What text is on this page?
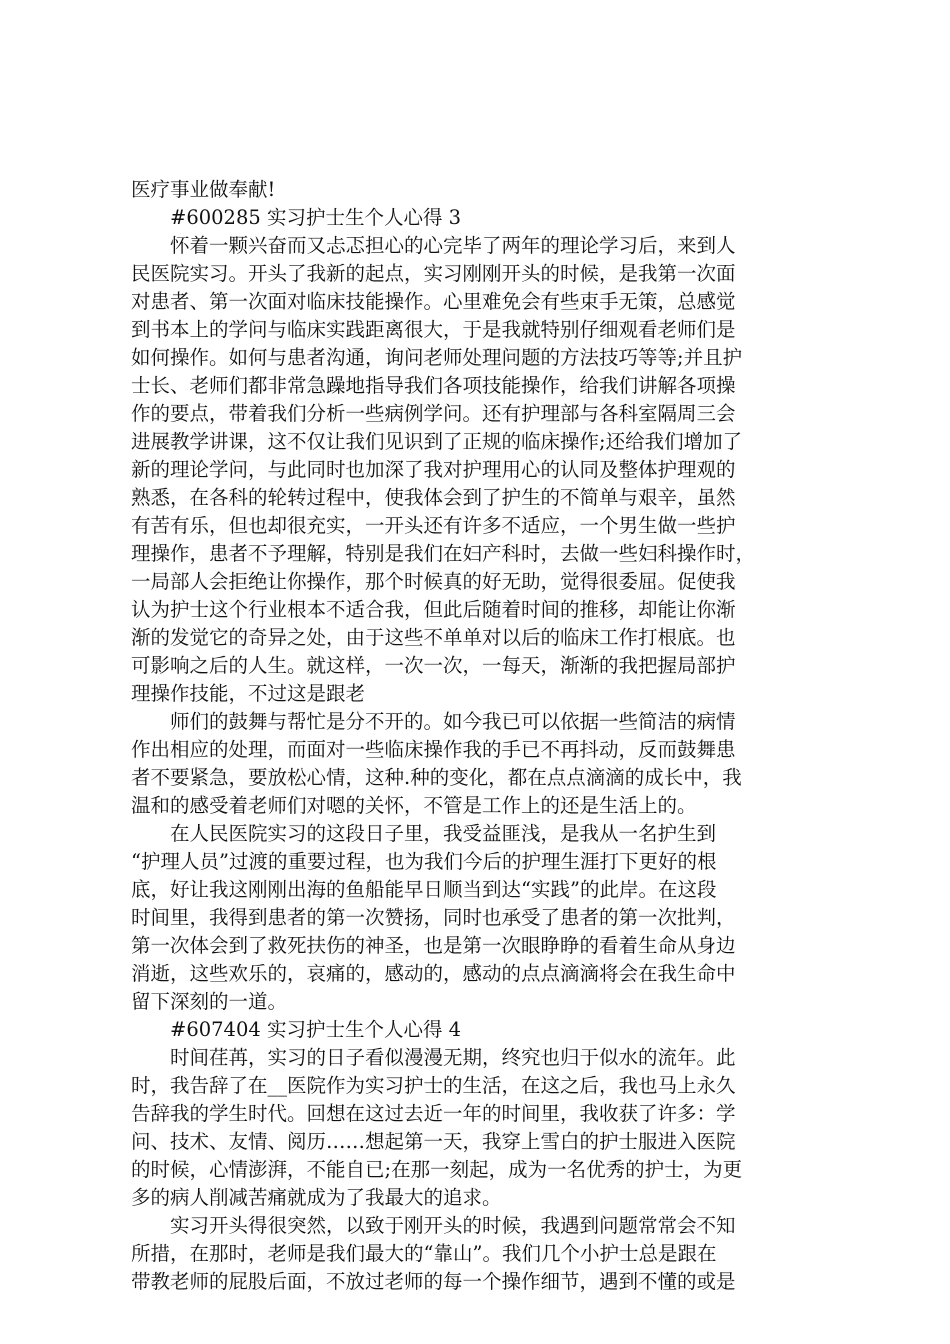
医疗事业做奉献!

#600285 实习护士生个人心得 3

怀着一颗兴奋而又忐忑担心的心完毕了两年的理论学习后，来到人
民医院实习。开头了我新的起点，实习刚刚开头的时候，是我第一次面
对患者、第一次面对临床技能操作。心里难免会有些束手无策，总感觉
到书本上的学问与临床实践距离很大，于是我就特别仔细观看老师们是
如何操作。如何与患者沟通，询问老师处理问题的方法技巧等等;并且护
士长、老师们都非常急躁地指导我们各项技能操作，给我们讲解各项操
作的要点，带着我们分析一些病例学问。还有护理部与各科室隔周三会
进展教学讲课，这不仅让我们见识到了正规的临床操作;还给我们增加了
新的理论学问，与此同时也加深了我对护理用心的认同及整体护理观的
熟悉，在各科的轮转过程中，使我体会到了护生的不简单与艰辛，虽然
有苦有乐，但也却很充实，一开头还有许多不适应，一个男生做一些护
理操作，患者不予理解，特别是我们在妇产科时，去做一些妇科操作时，
一局部人会拒绝让你操作，那个时候真的好无助，觉得很委屈。促使我
认为护士这个行业根本不适合我，但此后随着时间的推移，却能让你渐
渐的发觉它的奇异之处，由于这些不单单对以后的临床工作打根底。也
可影响之后的人生。就这样，一次一次，一每天，渐渐的我把握局部护
理操作技能，不过这是跟老

师们的鼓舞与帮忙是分不开的。如今我已可以依据一些简洁的病情
作出相应的处理，而面对一些临床操作我的手已不再抖动，反而鼓舞患
者不要紧急，要放松心情，这种.种的变化，都在点点滴滴的成长中，我
温和的感受着老师们对嗯的关怀，不管是工作上的还是生活上的。

在人民医院实习的这段日子里，我受益匪浅，是我从一名护生到
“护理人员”过渡的重要过程，也为我们今后的护理生涯打下更好的根
底，好让我这刚刚出海的鱼船能早日顺当到达“实践”的此岸。在这段
时间里，我得到患者的第一次赞扬，同时也承受了患者的第一次批判，
第一次体会到了救死扶伤的神圣，也是第一次眼睁睁的看着生命从身边
消逝，这些欢乐的，哀痛的，感动的，感动的点点滴滴将会在我生命中
留下深刻的一道。

#607404 实习护士生个人心得 4

时间荏苒，实习的日子看似漫漫无期，终究也归于似水的流年。此
时，我告辞了在__医院作为实习护士的生活，在这之后，我也马上永久
告辞我的学生时代。回想在这过去近一年的时间里，我收获了许多：学
问、技术、友情、阅历……想起第一天，我穿上雪白的护士服进入医院
的时候，心情澎湃，不能自已;在那一刻起，成为一名优秀的护士，为更
多的病人削减苦痛就成为了我最大的追求。

实习开头得很突然，以致于刚开头的时候，我遇到问题常常会不知
所措，在那时，老师是我们最大的“靠山”。我们几个小护士总是跟在
带教老师的屁股后面，不放过老师的每一个操作细节，遇到不懂的或是
